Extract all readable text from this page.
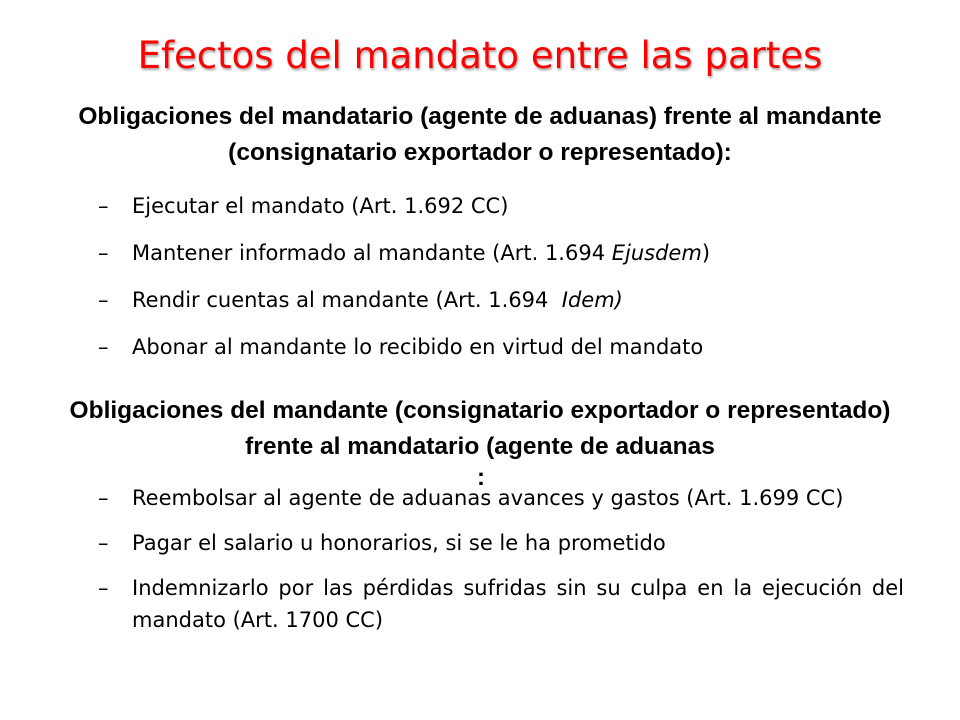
Efectos del mandato entre las partes
Obligaciones del mandatario (agente de aduanas) frente al mandante (consignatario exportador o representado):
– Ejecutar el mandato (Art. 1.692 CC)
– Mantener informado al mandante (Art. 1.694 Ejusdem)
– Rendir cuentas al mandante (Art. 1.694  Idem)
– Abonar al mandante lo recibido en virtud del mandato
Obligaciones del mandante (consignatario exportador o representado) frente al mandatario (agente de aduanas
:
– Reembolsar al agente de aduanas avances y gastos (Art. 1.699 CC)
– Pagar el salario u honorarios, si se le ha prometido
– Indemnizarlo por las pérdidas sufridas sin su culpa en la ejecución del mandato (Art. 1700 CC)
